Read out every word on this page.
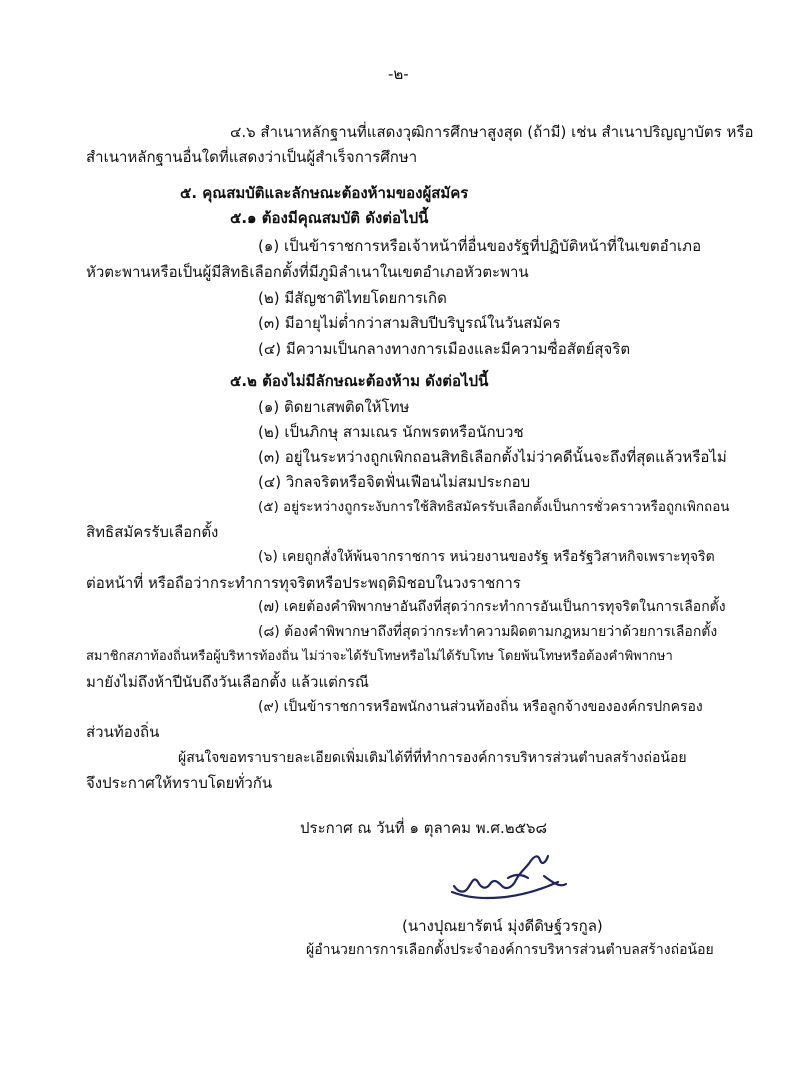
-๒-
๔.๖ สำเนาหลักฐานที่แสดงวุฒิการศึกษาสูงสุด (ถ้ามี) เช่น สำเนาปริญญาบัตร หรือ
สำเนาหลักฐานอื่นใดที่แสดงว่าเป็นผู้สำเร็จการศึกษา
๕. คุณสมบัติและลักษณะต้องห้ามของผู้สมัคร
๕.๑ ต้องมีคุณสมบัติ ดังต่อไปนี้
(๑) เป็นข้าราชการหรือเจ้าหน้าที่อื่นของรัฐที่ปฏิบัติหน้าที่ในเขตอำเภอ
หัวตะพานหรือเป็นผู้มีสิทธิเลือกตั้งที่มีภูมิลำเนาในเขตอำเภอหัวตะพาน
(๒) มีสัญชาติไทยโดยการเกิด
(๓) มีอายุไม่ต่ำกว่าสามสิบปีบริบูรณ์ในวันสมัคร
(๔) มีความเป็นกลางทางการเมืองและมีความซื่อสัตย์สุจริต
๕.๒ ต้องไม่มีลักษณะต้องห้าม ดังต่อไปนี้
(๑) ติดยาเสพติดให้โทษ
(๒) เป็นภิกษุ สามเณร นักพรตหรือนักบวช
(๓) อยู่ในระหว่างถูกเพิกถอนสิทธิเลือกตั้งไม่ว่าคดีนั้นจะถึงที่สุดแล้วหรือไม่
(๔) วิกลจริตหรือจิตฟั่นเฟือนไม่สมประกอบ
(๕) อยู่ระหว่างถูกระงับการใช้สิทธิสมัครรับเลือกตั้งเป็นการชั่วคราวหรือถูกเพิกถอน
สิทธิสมัครรับเลือกตั้ง
(๖) เคยถูกสั่งให้พ้นจากราชการ หน่วยงานของรัฐ หรือรัฐวิสาหกิจเพราะทุจริต
ต่อหน้าที่ หรือถือว่ากระทำการทุจริตหรือประพฤติมิชอบในวงราชการ
(๗) เคยต้องคำพิพากษาอันถึงที่สุดว่ากระทำการอันเป็นการทุจริตในการเลือกตั้ง
(๘) ต้องคำพิพากษาถึงที่สุดว่ากระทำความผิดตามกฎหมายว่าด้วยการเลือกตั้ง
สมาชิกสภาท้องถิ่นหรือผู้บริหารท้องถิ่น ไม่ว่าจะได้รับโทษหรือไม่ได้รับโทษ โดยพ้นโทษหรือต้องคำพิพากษา
มายังไม่ถึงห้าปีนับถึงวันเลือกตั้ง แล้วแต่กรณี
(๙) เป็นข้าราชการหรือพนักงานส่วนท้องถิ่น หรือลูกจ้างขององค์กรปกครอง
ส่วนท้องถิ่น
ผู้สนใจขอทราบรายละเอียดเพิ่มเติมได้ที่ที่ทำการองค์การบริหารส่วนตำบลสร้างถ่อน้อย
จึงประกาศให้ทราบโดยทั่วกัน
ประกาศ ณ วันที่ ๑ ตุลาคม พ.ศ.๒๕๖๘
(นางปุณยารัตน์ มุ่งดีดิษฐ์วรกูล)
ผู้อำนวยการการเลือกตั้งประจำองค์การบริหารส่วนตำบลสร้างถ่อน้อย
